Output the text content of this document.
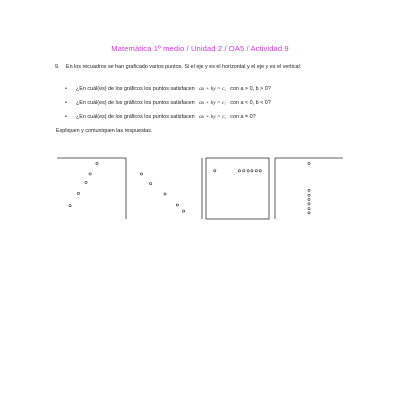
Matemática 1º medio / Unidad 2 / OA5 / Actividad 9
9. En los recuadros se han graficado varios puntos. Si el eje y es el horizontal y el eje y es el vertical:
• ¿En cuál(es) de los gráficos los puntos satisfacen ax + by = c, con a > 0, b > 0?
• ¿En cuál(es) de los gráficos los puntos satisfacen ax + by = c, con a < 0, b < 0?
• ¿En cuál(es) de los gráficos los puntos satisfacen ax + by = c, con a = 0?
Expliquen y comuniquen las respuestas.
